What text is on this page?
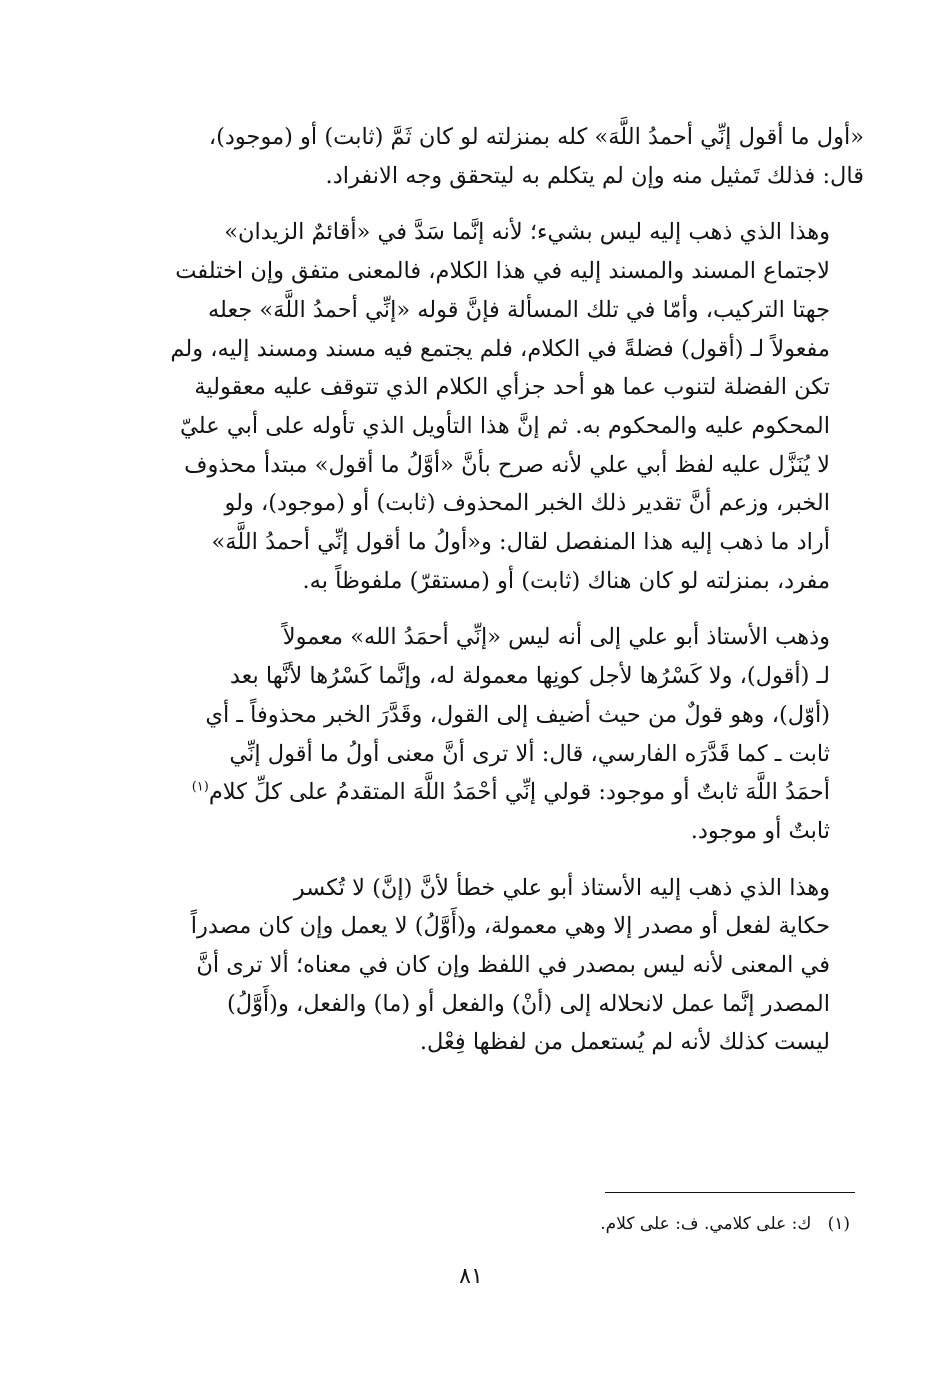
«أول ما أقول إنِّي أحمدُ اللَّهَ» كله بمنزلته لو كان ثَمَّ (ثابت) أو (موجود)،
قال: فذلك تَمثيل منه وإن لم يتكلم به ليتحقق وجه الانفراد.

وهذا الذي ذهب إليه ليس بشيء؛ لأنه إنَّما سَدَّ في «أقائمٌ الزيدان»
لاجتماع المسند والمسند إليه في هذا الكلام، فالمعنى متفق وإن اختلفت
جهتا التركيب، وأمّا في تلك المسألة فإنَّ قوله «إنِّي أحمدُ اللَّهَ» جعله
مفعولاً لـ (أقول) فضلةً في الكلام، فلم يجتمع فيه مسند ومسند إليه، ولم
تكن الفضلة لتنوب عما هو أحد جزأي الكلام الذي تتوقف عليه معقولية
المحكوم عليه والمحكوم به. ثم إنَّ هذا التأويل الذي تأوله على أبي عليّ
لا يُنَزَّل عليه لفظ أبي علي لأنه صرح بأنَّ «أوَّلُ ما أقول» مبتدأ محذوف
الخبر، وزعم أنَّ تقدير ذلك الخبر المحذوف (ثابت) أو (موجود)، ولو
أراد ما ذهب إليه هذا المنفصل لقال: و«أولُ ما أقول إنِّي أحمدُ اللَّهَ»
مفرد، بمنزلته لو كان هناك (ثابت) أو (مستقرّ) ملفوظاً به.

وذهب الأستاذ أبو علي إلى أنه ليس «إنِّي أحمَدُ الله» معمولاً
لـ (أقول)، ولا كَسْرُها لأجل كونِها معمولة له، وإنَّما كَسْرُها لأنَّها بعد
(أوّل)، وهو قولٌ من حيث أضيف إلى القول، وقَدَّرَ الخبر محذوفاً ـ أي
ثابت ـ كما قَدَّرَه الفارسي، قال: ألا ترى أنَّ معنى أولُ ما أقول إنِّي
أحمَدُ اللَّهَ ثابتٌ أو موجود: قولي إنِّي أحْمَدُ اللَّهَ المتقدمُ على كلِّ كلام$^{(١)}$
ثابتٌ أو موجود.

وهذا الذي ذهب إليه الأستاذ أبو علي خطأ لأنَّ (إنَّ) لا تُكسر
حكاية لفعل أو مصدر إلا وهي معمولة، و(أَوَّلُ) لا يعمل وإن كان مصدراً
في المعنى لأنه ليس بمصدر في اللفظ وإن كان في معناه؛ ألا ترى أنَّ
المصدر إنَّما عمل لانحلاله إلى (أنْ) والفعل أو (ما) والفعل، و(أَوَّلُ)
ليست كذلك لأنه لم يُستعمل من لفظها فِعْل.

(١)   ك: على كلامي. ف: على كلام.
٨١
